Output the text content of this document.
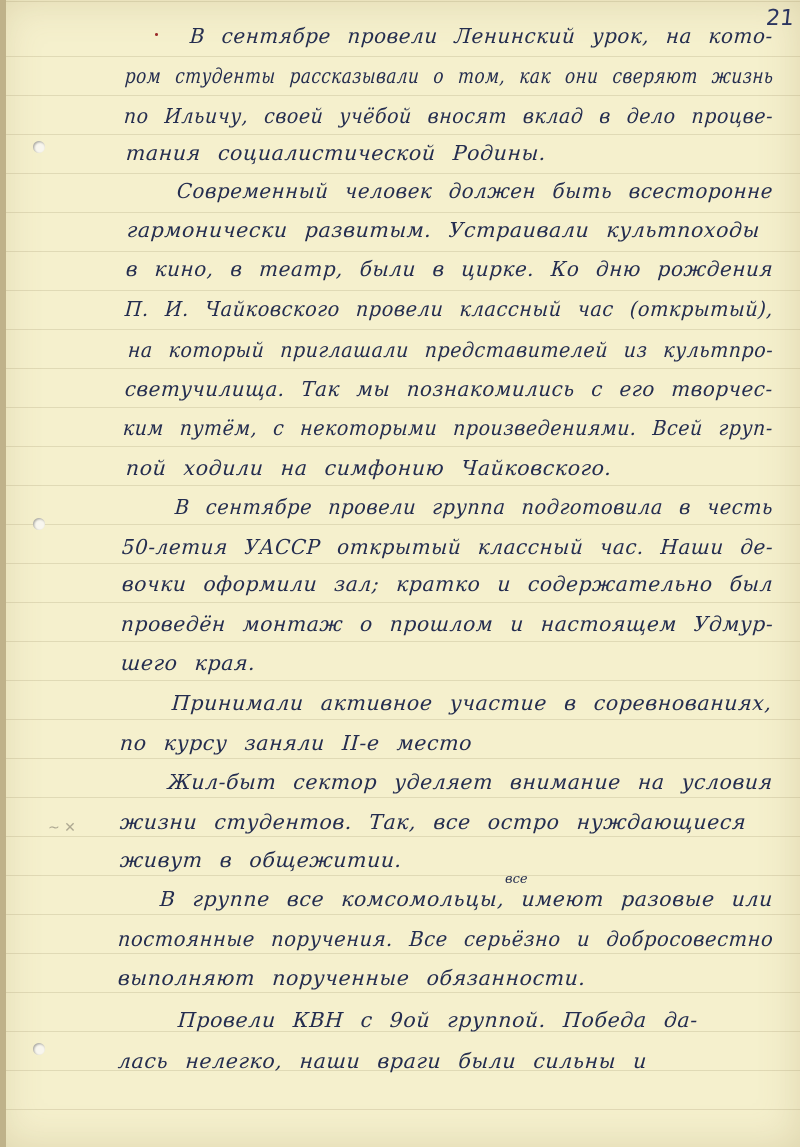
~ ✕
21
В сентябре провели Ленинский урок, на кото-
ром студенты рассказывали о том, как они сверяют жизнь
по Ильичу, своей учёбой вносят вклад в дело процве-
тания социалистической Родины.
Современный человек должен быть всесторонне
гармонически развитым. Устраивали культпоходы
в кино, в театр, были в цирке. Ко дню рождения
П. И. Чайковского провели классный час (открытый),
на который приглашали представителей из культпро-
светучилища. Так мы познакомились с его творчес-
ким путём, с некоторыми произведениями. Всей груп-
пой ходили на симфонию Чайковского.
В сентябре провели группа подготовила в честь
50-летия УАССР открытый классный час. Наши де-
вочки оформили зал; кратко и содержательно был
проведён монтаж о прошлом и настоящем Удмур-
шего края.
Принимали активное участие в соревнованиях,
по курсу заняли II-е место
Жил-быт сектор уделяет внимание на условия
жизни студентов. Так, все остро нуждающиеся
живут в общежитии.
все
В группе все комсомольцы, имеют разовые или
постоянные поручения. Все серьёзно и добросовестно
выполняют порученные обязанности.
Провели КВН с 9ой группой. Победа да-
лась нелегко, наши враги были сильны и
